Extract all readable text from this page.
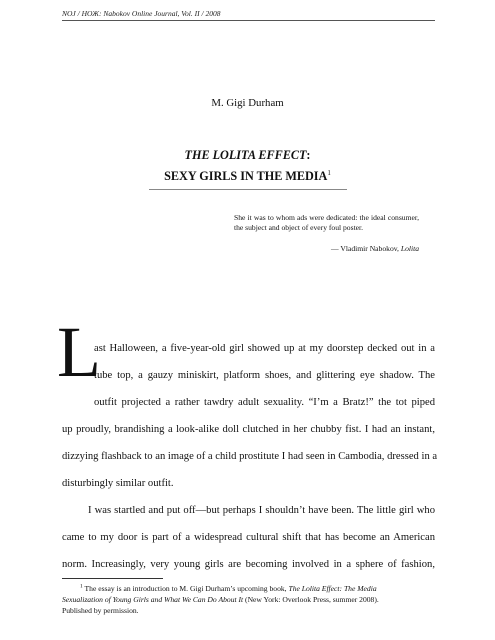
NOJ / НОЖ: Nabokov Online Journal, Vol. II / 2008
M. Gigi Durham
THE LOLITA EFFECT:
SEXY GIRLS IN THE MEDIA$^1$
She it was to whom ads were dedicated: the ideal consumer, the subject and object of every foul poster.
— Vladimir Nabokov, Lolita
L
ast Halloween, a five-year-old girl showed up at my doorstep decked out in a
tube top, a gauzy miniskirt, platform shoes, and glittering eye shadow. The
outfit projected a rather tawdry adult sexuality. “I’m a Bratz!” the tot piped
up proudly, brandishing a look-alike doll clutched in her chubby fist. I had an instant,
dizzying flashback to an image of a child prostitute I had seen in Cambodia, dressed in a
disturbingly similar outfit.
I was startled and put off—but perhaps I shouldn’t have been. The little girl who
came to my door is part of a widespread cultural shift that has become an American
norm. Increasingly, very young girls are becoming involved in a sphere of fashion,
$^1$ The essay is an introduction to M. Gigi Durham’s upcoming book, The Lolita Effect: The Media
Sexualization of Young Girls and What We Can Do About It (New York: Overlook Press, summer 2008).
Published by permission.
